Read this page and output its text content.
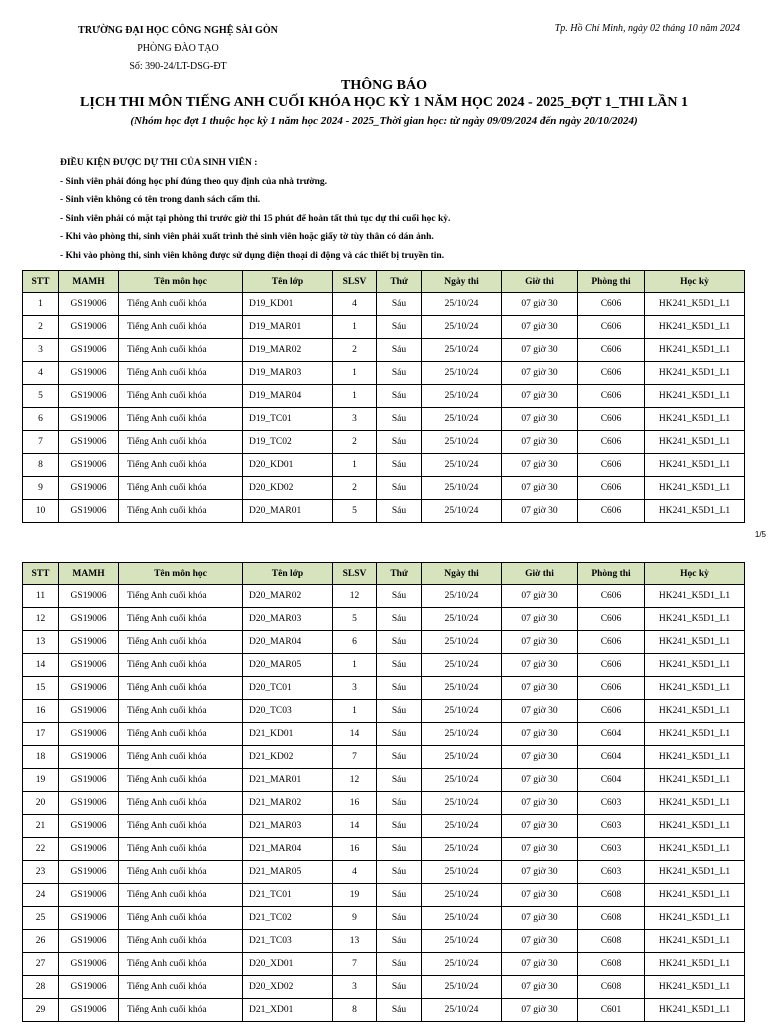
TRƯỜNG ĐẠI HỌC CÔNG NGHỆ SÀI GÒN
PHÒNG ĐÀO TẠO
Số: 390-24/LT-DSG-ĐT
Tp. Hồ Chí Minh, ngày 02 tháng 10 năm 2024
THÔNG BÁO
LỊCH THI MÔN TIẾNG ANH CUỐI KHÓA HỌC KỲ 1 NĂM HỌC 2024 - 2025_ĐỢT 1_THI LẦN 1
(Nhóm học đợt 1 thuộc học kỳ 1 năm học 2024 - 2025_Thời gian học: từ ngày 09/09/2024 đến ngày 20/10/2024)
ĐIỀU KIỆN ĐƯỢC DỰ THI CỦA SINH VIÊN :
- Sinh viên phải đóng học phí đúng theo quy định của nhà trường.
- Sinh viên không có tên trong danh sách cấm thi.
- Sinh viên phải có mặt tại phòng thi trước giờ thi 15 phút để hoàn tất thủ tục dự thi cuối học kỳ.
- Khi vào phòng thi, sinh viên phải xuất trình thẻ sinh viên hoặc giấy tờ tùy thân có dán ảnh.
- Khi vào phòng thi, sinh viên không được sử dụng điện thoại di động và các thiết bị truyền tin.
STT	MAMH	Tên môn học	Tên lớp	SLSV	Thứ	Ngày thi	Giờ thi	Phòng thi	Học kỳ
1	GS19006	Tiếng Anh cuối khóa	D19_KD01	4	Sáu	25/10/24	07 giờ 30	C606	HK241_K5D1_L1
2	GS19006	Tiếng Anh cuối khóa	D19_MAR01	1	Sáu	25/10/24	07 giờ 30	C606	HK241_K5D1_L1
3	GS19006	Tiếng Anh cuối khóa	D19_MAR02	2	Sáu	25/10/24	07 giờ 30	C606	HK241_K5D1_L1
4	GS19006	Tiếng Anh cuối khóa	D19_MAR03	1	Sáu	25/10/24	07 giờ 30	C606	HK241_K5D1_L1
5	GS19006	Tiếng Anh cuối khóa	D19_MAR04	1	Sáu	25/10/24	07 giờ 30	C606	HK241_K5D1_L1
6	GS19006	Tiếng Anh cuối khóa	D19_TC01	3	Sáu	25/10/24	07 giờ 30	C606	HK241_K5D1_L1
7	GS19006	Tiếng Anh cuối khóa	D19_TC02	2	Sáu	25/10/24	07 giờ 30	C606	HK241_K5D1_L1
8	GS19006	Tiếng Anh cuối khóa	D20_KD01	1	Sáu	25/10/24	07 giờ 30	C606	HK241_K5D1_L1
9	GS19006	Tiếng Anh cuối khóa	D20_KD02	2	Sáu	25/10/24	07 giờ 30	C606	HK241_K5D1_L1
10	GS19006	Tiếng Anh cuối khóa	D20_MAR01	5	Sáu	25/10/24	07 giờ 30	C606	HK241_K5D1_L1
1/5
STT	MAMH	Tên môn học	Tên lớp	SLSV	Thứ	Ngày thi	Giờ thi	Phòng thi	Học kỳ
11	GS19006	Tiếng Anh cuối khóa	D20_MAR02	12	Sáu	25/10/24	07 giờ 30	C606	HK241_K5D1_L1
12	GS19006	Tiếng Anh cuối khóa	D20_MAR03	5	Sáu	25/10/24	07 giờ 30	C606	HK241_K5D1_L1
13	GS19006	Tiếng Anh cuối khóa	D20_MAR04	6	Sáu	25/10/24	07 giờ 30	C606	HK241_K5D1_L1
14	GS19006	Tiếng Anh cuối khóa	D20_MAR05	1	Sáu	25/10/24	07 giờ 30	C606	HK241_K5D1_L1
15	GS19006	Tiếng Anh cuối khóa	D20_TC01	3	Sáu	25/10/24	07 giờ 30	C606	HK241_K5D1_L1
16	GS19006	Tiếng Anh cuối khóa	D20_TC03	1	Sáu	25/10/24	07 giờ 30	C606	HK241_K5D1_L1
17	GS19006	Tiếng Anh cuối khóa	D21_KD01	14	Sáu	25/10/24	07 giờ 30	C604	HK241_K5D1_L1
18	GS19006	Tiếng Anh cuối khóa	D21_KD02	7	Sáu	25/10/24	07 giờ 30	C604	HK241_K5D1_L1
19	GS19006	Tiếng Anh cuối khóa	D21_MAR01	12	Sáu	25/10/24	07 giờ 30	C604	HK241_K5D1_L1
20	GS19006	Tiếng Anh cuối khóa	D21_MAR02	16	Sáu	25/10/24	07 giờ 30	C603	HK241_K5D1_L1
21	GS19006	Tiếng Anh cuối khóa	D21_MAR03	14	Sáu	25/10/24	07 giờ 30	C603	HK241_K5D1_L1
22	GS19006	Tiếng Anh cuối khóa	D21_MAR04	16	Sáu	25/10/24	07 giờ 30	C603	HK241_K5D1_L1
23	GS19006	Tiếng Anh cuối khóa	D21_MAR05	4	Sáu	25/10/24	07 giờ 30	C603	HK241_K5D1_L1
24	GS19006	Tiếng Anh cuối khóa	D21_TC01	19	Sáu	25/10/24	07 giờ 30	C608	HK241_K5D1_L1
25	GS19006	Tiếng Anh cuối khóa	D21_TC02	9	Sáu	25/10/24	07 giờ 30	C608	HK241_K5D1_L1
26	GS19006	Tiếng Anh cuối khóa	D21_TC03	13	Sáu	25/10/24	07 giờ 30	C608	HK241_K5D1_L1
27	GS19006	Tiếng Anh cuối khóa	D20_XD01	7	Sáu	25/10/24	07 giờ 30	C608	HK241_K5D1_L1
28	GS19006	Tiếng Anh cuối khóa	D20_XD02	3	Sáu	25/10/24	07 giờ 30	C608	HK241_K5D1_L1
29	GS19006	Tiếng Anh cuối khóa	D21_XD01	8	Sáu	25/10/24	07 giờ 30	C601	HK241_K5D1_L1
